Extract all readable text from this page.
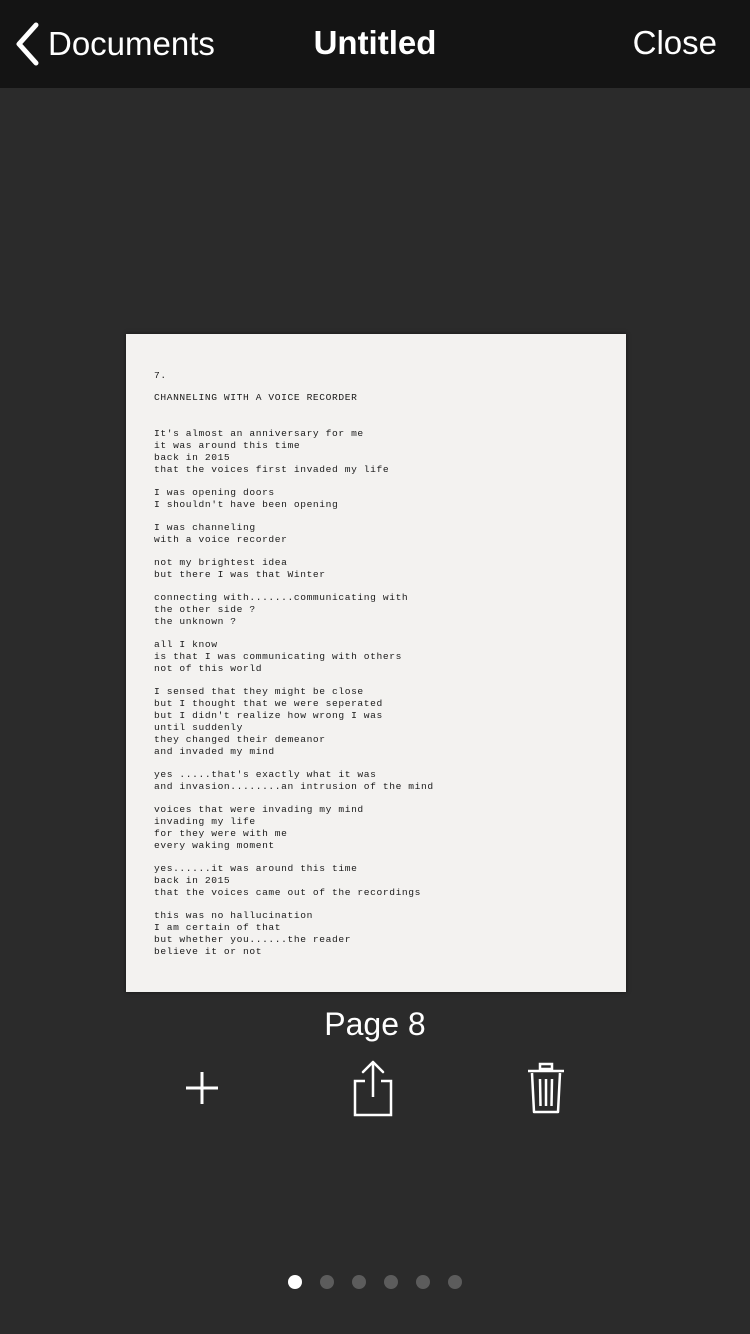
Documents	Untitled	Close
7.
CHANNELING WITH A VOICE RECORDER
It's almost an anniversary for me
it was around this time
back in 2015
that the voices first invaded my life
I was opening doors
I shouldn't have been opening
I was channeling
with a voice recorder
not my brightest idea
but there I was that Winter
connecting with.......communicating with
the other side ?
the unknown ?
all I know
is that I was communicating with others
not of this world
I sensed that they might be close
but I thought that we were seperated
but I didn't realize how wrong I was
until suddenly
they changed their demeanor
and invaded my mind
yes .....that's exactly what it was
and invasion........an intrusion of the mind
voices that were invading my mind
invading my life
for they were with me
every waking moment
yes......it was around this time
back in 2015
that the voices came out of the recordings
this was no hallucination
I am certain of that
but whether you......the reader
believe it or not
Page 8
